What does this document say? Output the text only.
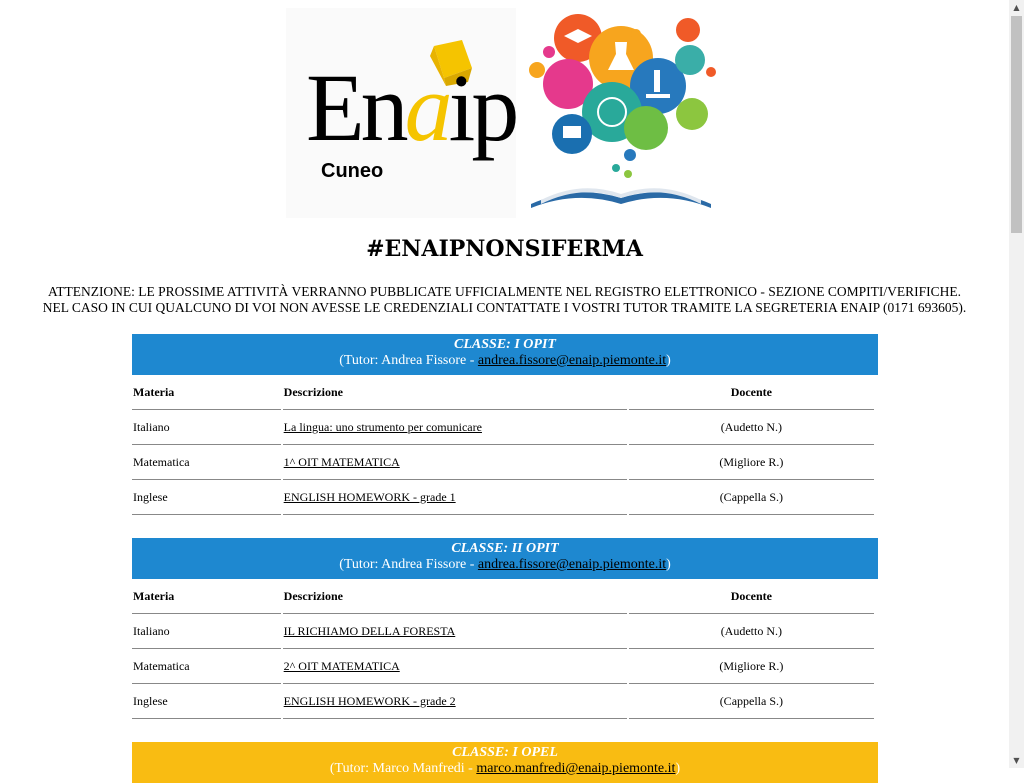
Enaip
Cuneo
#ENAIPNONSIFERMA
ATTENZIONE: LE PROSSIME ATTIVITÀ VERRANNO PUBBLICATE UFFICIALMENTE NEL REGISTRO ELETTRONICO - SEZIONE COMPITI/VERIFICHE.
NEL CASO IN CUI QUALCUNO DI VOI NON AVESSE LE CREDENZIALI CONTATTATE I VOSTRI TUTOR TRAMITE LA SEGRETERIA ENAIP (0171 693605).
CLASSE: I OPIT
(Tutor: Andrea Fissore - andrea.fissore@enaip.piemonte.it)
Materia	Descrizione	Docente
Italiano	La lingua: uno strumento per comunicare	(Audetto N.)
Matematica	1^ OIT MATEMATICA	(Migliore R.)
Inglese	ENGLISH HOMEWORK - grade 1	(Cappella S.)
CLASSE: II OPIT
(Tutor: Andrea Fissore - andrea.fissore@enaip.piemonte.it)
Materia	Descrizione	Docente
Italiano	IL RICHIAMO DELLA FORESTA	(Audetto N.)
Matematica	2^ OIT MATEMATICA	(Migliore R.)
Inglese	ENGLISH HOMEWORK - grade 2	(Cappella S.)
CLASSE: I OPEL
(Tutor: Marco Manfredi - marco.manfredi@enaip.piemonte.it)
▲
▼
